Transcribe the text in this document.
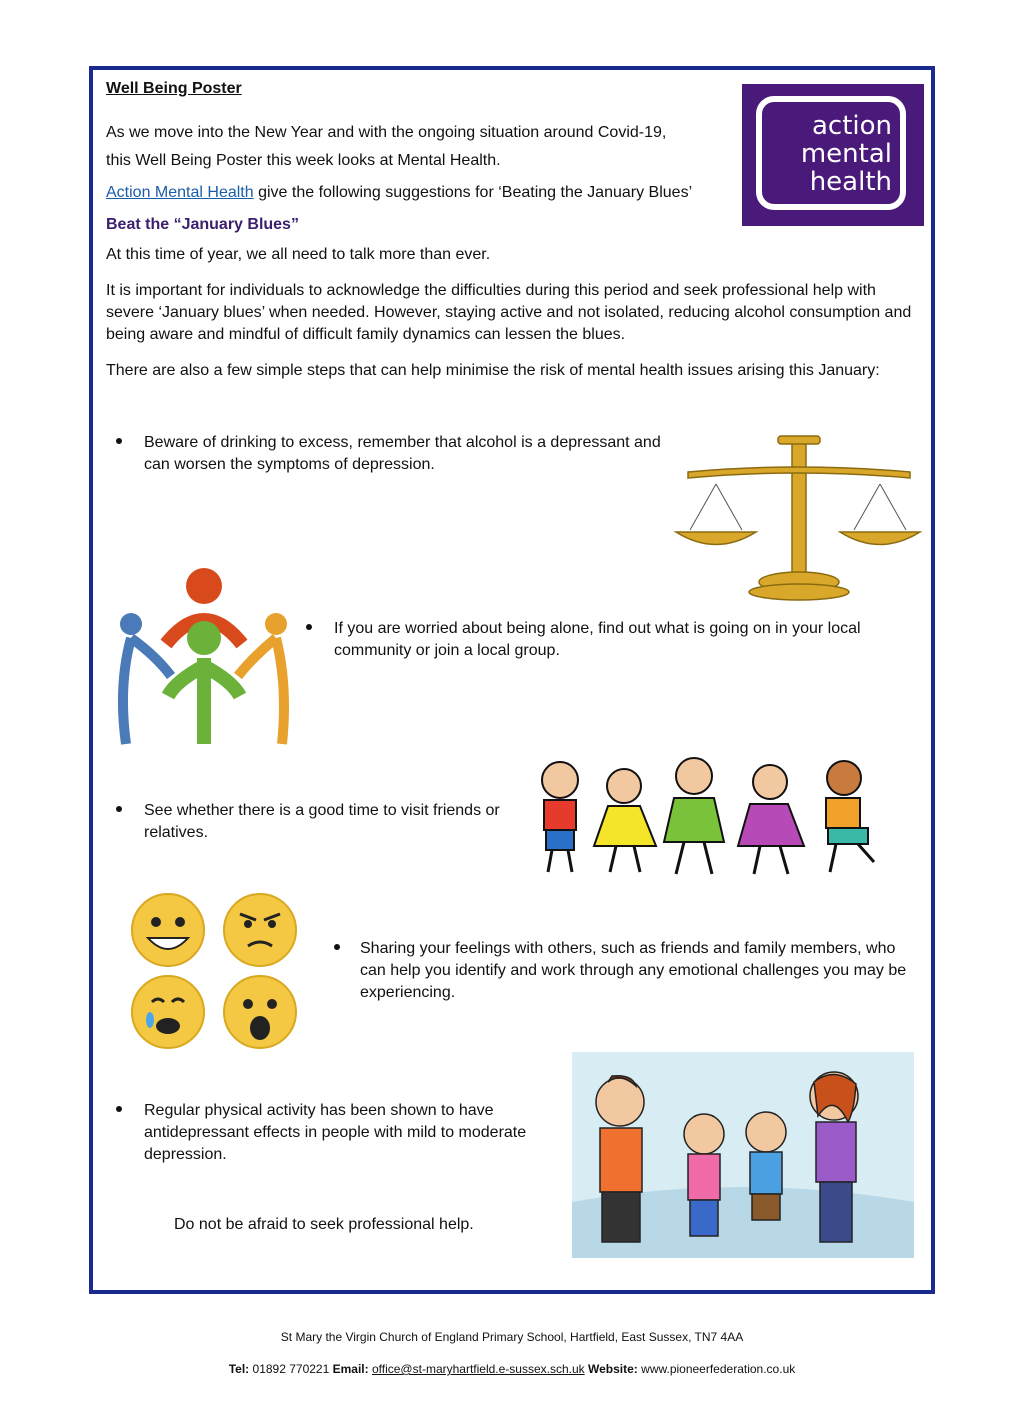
Well Being Poster
As we move into the New Year and with the ongoing situation around Covid-19,
this Well Being Poster this week looks at Mental Health.
Action Mental Health give the following suggestions for ‘Beating the January Blues’
Beat the “January Blues”
At this time of year, we all need to talk more than ever.
It is important for individuals to acknowledge the difficulties during this period and seek professional help with severe ‘January blues’ when needed. However, staying active and not isolated, reducing alcohol consumption and being aware and mindful of difficult family dynamics can lessen the blues.
There are also a few simple steps that can help minimise the risk of mental health issues arising this January:
action
mental
health
Beware of drinking to excess, remember that alcohol is a depressant and can worsen the symptoms of depression.
If you are worried about being alone, find out what is going on in your local community or join a local group.
See whether there is a good time to visit friends or relatives.
Sharing your feelings with others, such as friends and family members, who can help you identify and work through any emotional challenges you may be experiencing.
Regular physical activity has been shown to have antidepressant effects in people with mild to moderate depression.
Do not be afraid to seek professional help.
St Mary the Virgin Church of England Primary School, Hartfield, East Sussex, TN7 4AA
Tel: 01892 770221 Email: office@st-maryhartfield.e-sussex.sch.uk Website: www.pioneerfederation.co.uk
